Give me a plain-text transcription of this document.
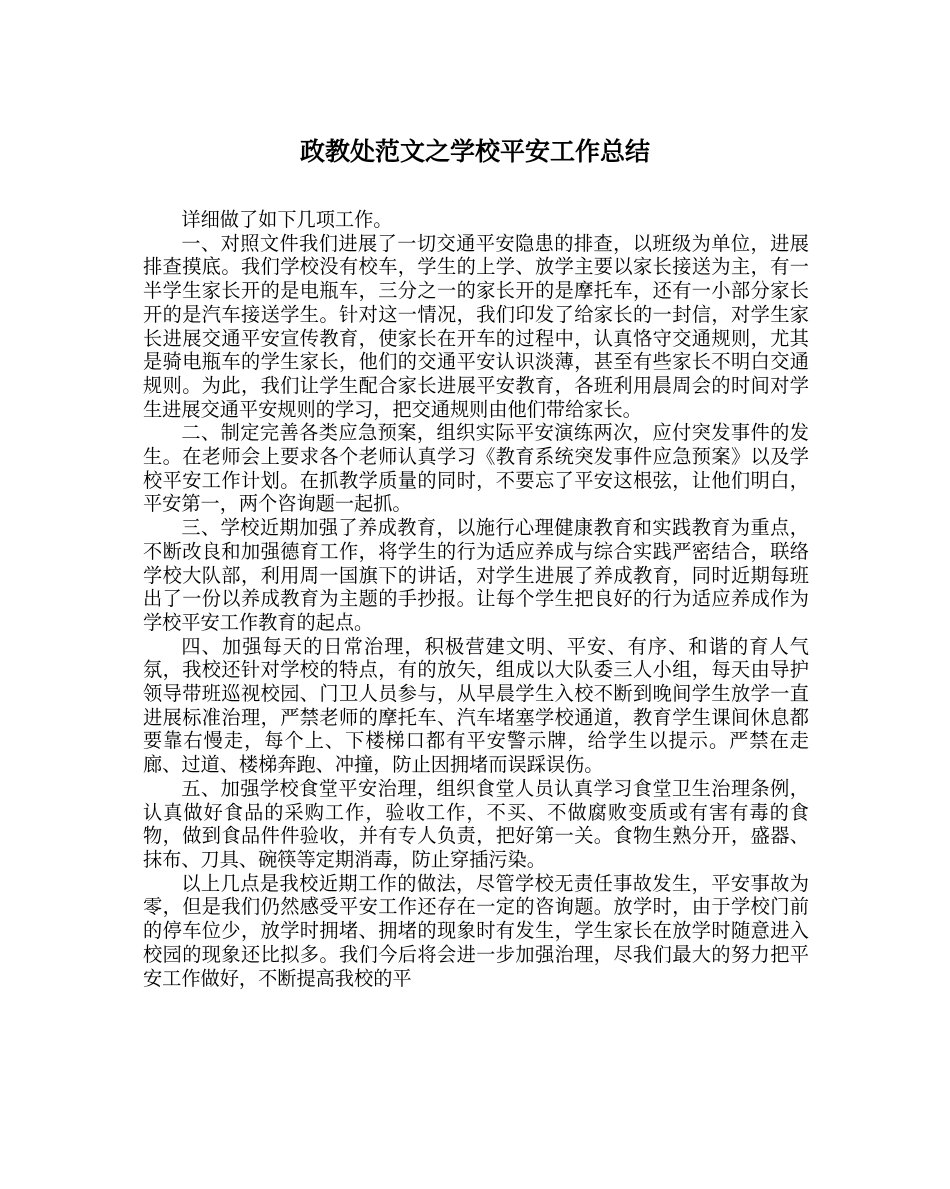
政教处范文之学校平安工作总结

详细做了如下几项工作。

一、对照文件我们进展了一切交通平安隐患的排查，以班级为单位，进展排查摸底。我们学校没有校车，学生的上学、放学主要以家长接送为主，有一半学生家长开的是电瓶车，三分之一的家长开的是摩托车，还有一小部分家长开的是汽车接送学生。针对这一情况，我们印发了给家长的一封信，对学生家长进展交通平安宣传教育，使家长在开车的过程中，认真恪守交通规则，尤其是骑电瓶车的学生家长，他们的交通平安认识淡薄，甚至有些家长不明白交通规则。为此，我们让学生配合家长进展平安教育，各班利用晨周会的时间对学生进展交通平安规则的学习，把交通规则由他们带给家长。

二、制定完善各类应急预案，组织实际平安演练两次，应付突发事件的发生。在老师会上要求各个老师认真学习《教育系统突发事件应急预案》以及学校平安工作计划。在抓教学质量的同时，不要忘了平安这根弦，让他们明白，平安第一，两个咨询题一起抓。

三、学校近期加强了养成教育，以施行心理健康教育和实践教育为重点，不断改良和加强德育工作，将学生的行为适应养成与综合实践严密结合，联络学校大队部，利用周一国旗下的讲话，对学生进展了养成教育，同时近期每班出了一份以养成教育为主题的手抄报。让每个学生把良好的行为适应养成作为学校平安工作教育的起点。

四、加强每天的日常治理，积极营建文明、平安、有序、和谐的育人气氛，我校还针对学校的特点，有的放矢，组成以大队委三人小组，每天由导护领导带班巡视校园、门卫人员参与，从早晨学生入校不断到晚间学生放学一直进展标准治理，严禁老师的摩托车、汽车堵塞学校通道，教育学生课间休息都要靠右慢走，每个上、下楼梯口都有平安警示牌，给学生以提示。严禁在走廊、过道、楼梯奔跑、冲撞，防止因拥堵而误踩误伤。

五、加强学校食堂平安治理，组织食堂人员认真学习食堂卫生治理条例，认真做好食品的采购工作，验收工作，不买、不做腐败变质或有害有毒的食物，做到食品件件验收，并有专人负责，把好第一关。食物生熟分开，盛器、抹布、刀具、碗筷等定期消毒，防止穿插污染。

以上几点是我校近期工作的做法，尽管学校无责任事故发生，平安事故为零，但是我们仍然感受平安工作还存在一定的咨询题。放学时，由于学校门前的停车位少，放学时拥堵、拥堵的现象时有发生，学生家长在放学时随意进入校园的现象还比拟多。我们今后将会进一步加强治理，尽我们最大的努力把平安工作做好，不断提高我校的平
